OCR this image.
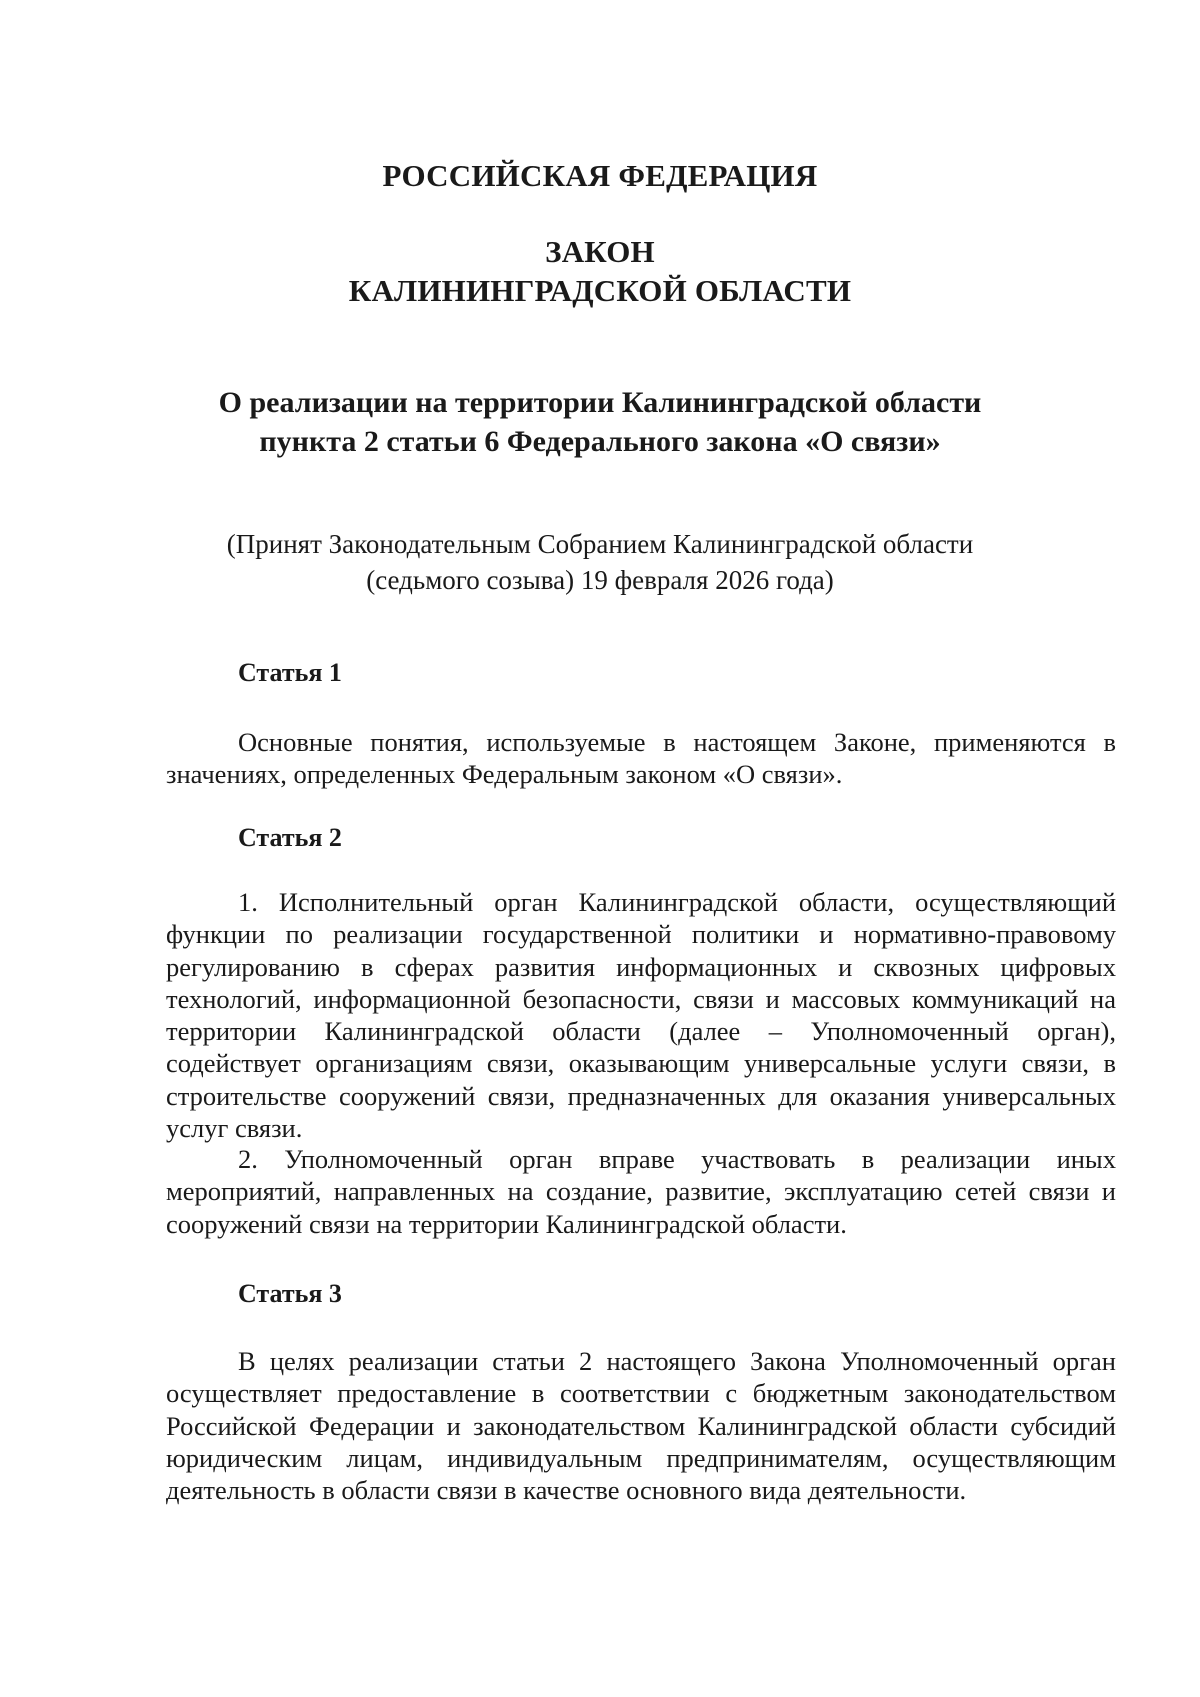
РОССИЙСКАЯ ФЕДЕРАЦИЯ
ЗАКОН
КАЛИНИНГРАДСКОЙ ОБЛАСТИ
О реализации на территории Калининградской области
пункта 2 статьи 6 Федерального закона «О связи»
(Принят Законодательным Собранием Калининградской области
(седьмого созыва) 19 февраля 2026 года)
Статья 1

Основные понятия, используемые в настоящем Законе, применяются в значениях, определенных Федеральным законом «О связи».

Статья 2

1. Исполнительный орган Калининградской области, осуществляющий функции по реализации государственной политики и нормативно-правовому регулированию в сферах развития информационных и сквозных цифровых технологий, информационной безопасности, связи и массовых коммуникаций на территории Калининградской области (далее – Уполномоченный орган), содействует организациям связи, оказывающим универсальные услуги связи, в строительстве сооружений связи, предназначенных для оказания универсальных услуг связи.

2. Уполномоченный орган вправе участвовать в реализации иных мероприятий, направленных на создание, развитие, эксплуатацию сетей связи и сооружений связи на территории Калининградской области.

Статья 3

В целях реализации статьи 2 настоящего Закона Уполномоченный орган осуществляет предоставление в соответствии с бюджетным законодательством Российской Федерации и законодательством Калининградской области субсидий юридическим лицам, индивидуальным предпринимателям, осуществляющим деятельность в области связи в качестве основного вида деятельности.
